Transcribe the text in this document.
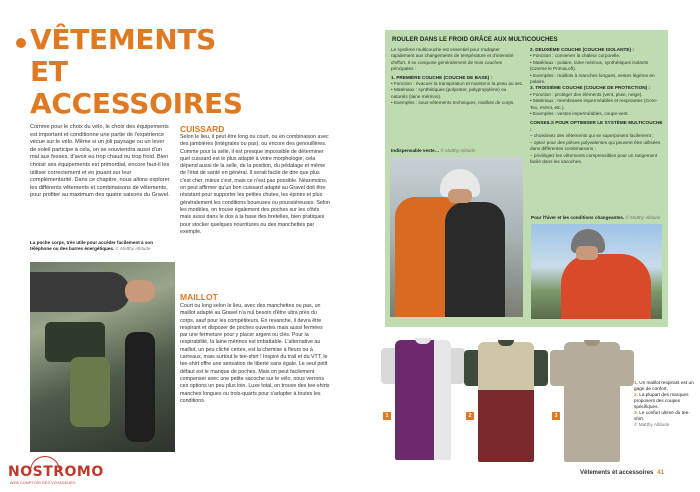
VÊTEMENTS
ET ACCESSOIRES

Comme pour le choix du vélo, le choix des équipements est important et conditionne une partie de l'expérience vécue sur le vélo. Même si un joli paysage ou un lever de soleil participe à cela, on se souviendra aussi d'un mal aux fesses, d'avoir eu trop chaud ou trop froid. Bien choisir ses équipements est primordial, encore faut-il les utiliser correctement et en jouant sur leur complémentarité. Dans ce chapitre, nous allons explorer les différents vêtements et combinaisons de vêtements, pour profiter au maximum des quatre saisons du Gravel.

La poche corps, très utile pour accéder facilement à son téléphone ou des barres énergétiques. © Matthy Altitude
NOSTROMO
WEB COMPTOIR DES VOYAGEURS
CUISSARD

Selon le lieu, il peut être long ou court, ou en combinaison avec des jambières (intégrales ou pas), ou encore des genouillères. Comme pour la selle, il est presque impossible de déterminer quel cuissard est le plus adapté à votre morphologie, cela dépend aussi de la selle, de la position, du pédalage et même de l'état de santé en général. Il serait facile de dire que plus c'est cher, mieux c'est, mais ce n'est pas possible. Néanmoins, on peut affirmer qu'un bon cuissard adapté au Gravel doit être résistant pour supporter les petites chutes, les épines et plus généralement les conditions boueuses ou poussiéreuses. Selon les modèles, on trouve également des poches sur les côtés mais aussi dans le dos à la base des bretelles, bien pratiques pour stocker quelques nourritures ou des manchettes par exemple.

MAILLOT

Court ou long selon le lieu, avec des manchettes ou pas, un maillot adapté au Gravel n'a nul besoin d'être ultra près du corps, sauf pour les compétiteurs. En revanche, il devra être respirant et disposer de poches ouvertes mais aussi fermées par une fermeture pour y placer argent ou clés. Pour la respirabilité, la laine mérinos est imbattable. L'alternative au maillot, un peu cliché certes, est la chemise à fleurs ou à carreaux, mais surtout le tee-shirt ! Inspiré du trail et du VTT, le tee-shirt offre une sensation de liberté sans égale. Le seul petit défaut est le manque de poches. Mais on peut facilement compenser avec une petite sacoche sur le vélo, nous verrons ces options un peu plus loin. Luxe total, on trouve des tee-shirts manches longues ou trois-quarts pour s'adapter à toutes les conditions.

ROULER DANS LE FROID GRÂCE AUX MULTICOUCHES

Le système multicouche est essentiel pour s'adapter rapidement aux changements de température et d'intensité d'effort. Il se compose généralement de trois couches principales :

1. PREMIÈRE COUCHE (COUCHE DE BASE) :

• Fonction : évacuer la transpiration et maintenir la peau au sec.

• Matériaux : synthétiques (polyester, polypropylène) ou naturels (laine mérinos).

• Exemples : sous-vêtements techniques, maillots de corps.

2. DEUXIÈME COUCHE (COUCHE ISOLANTE) :

• Fonction : conserver la chaleur corporelle.

• Matériaux : polaire, laine mérinos, synthétiques isolants (comme le PrimaLoft).

• Exemples : maillots à manches longues, vestes légères en polaire.

3. TROISIÈME COUCHE (COUCHE DE PROTECTION) :

• Fonction : protéger des éléments (vent, pluie, neige).

• Matériaux : membranes imperméables et respirantes (Gore-Tex, eVent, etc.).

• Exemples : vestes imperméables, coupe-vent.

CONSEILS POUR OPTIMISER LE SYSTÈME MULTICOUCHE :

– choisissez des vêtements qui se superposent facilement ;

– optez pour des pièces polyvalentes qui peuvent être utilisées dans différentes combinaisons ;

– privilégiez les vêtements compressibles pour un rangement facile dans les sacoches.

Indispensable veste… © Matthy Altitude
Pour l'hiver et les conditions changeantes. © Matthy Altitude
1	2	3

1. Un maillot respirant est un gage de confort.

2. La plupart des marques proposent des coupes spécifiques.

3. Le confort ultime du tee-shirt.

© Matthy Altitude

Vêtements et accessoires 41
